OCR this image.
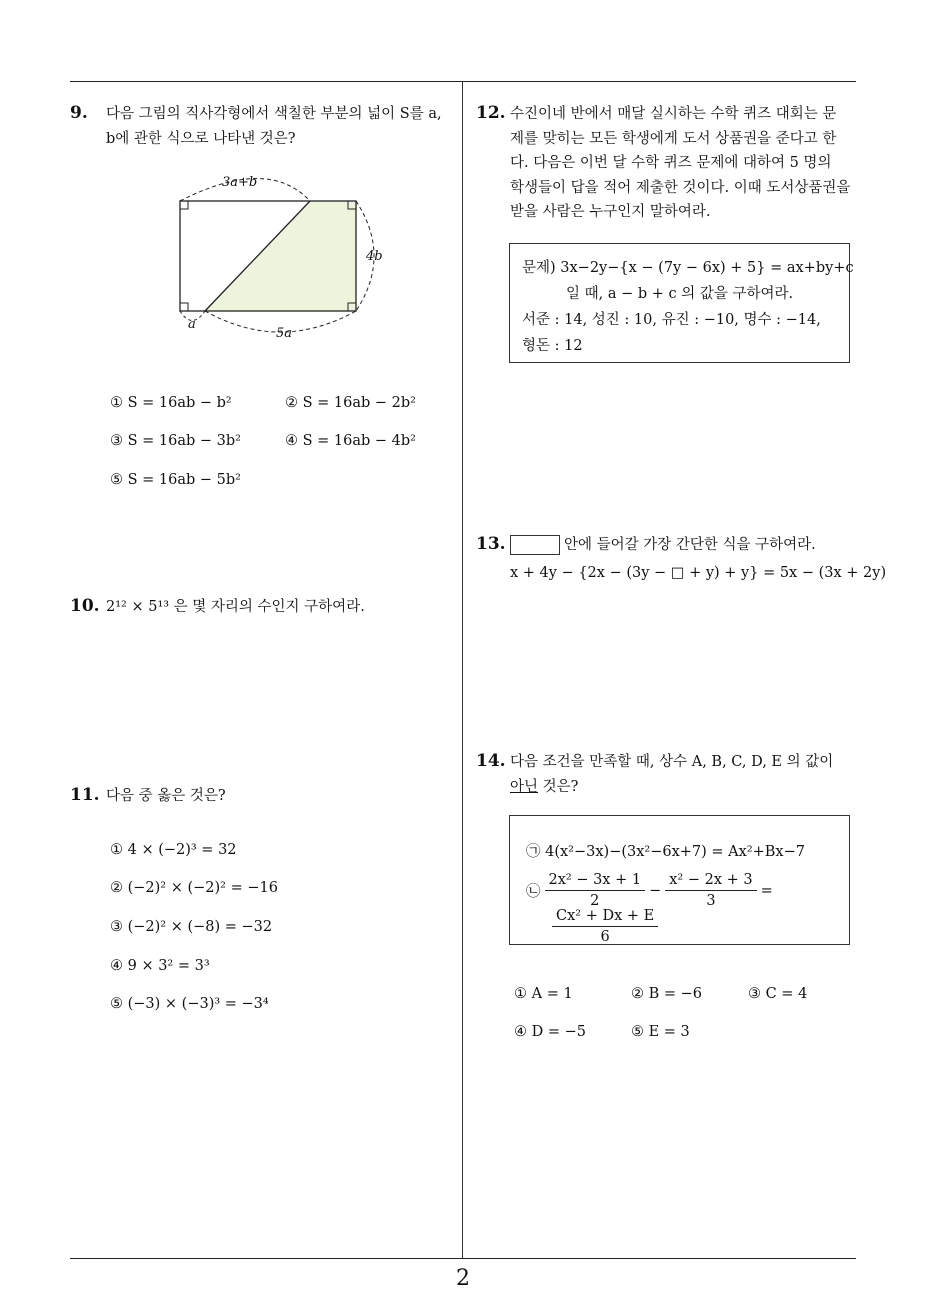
2
9. 다음 그림의 직사각형에서 색칠한 부분의 넓이 S를 a,
b에 관한 식으로 나타낸 것은?
3a+b
4b
a
5a
① S = 16ab − b²	② S = 16ab − 2b²
③ S = 16ab − 3b²	④ S = 16ab − 4b²
⑤ S = 16ab − 5b²
10. 2¹² × 5¹³ 은 몇 자리의 수인지 구하여라.
11. 다음 중 옳은 것은?
① 4 × (−2)³ = 32
② (−2)² × (−2)² = −16
③ (−2)² × (−8) = −32
④ 9 × 3² = 3³
⑤ (−3) × (−3)³ = −3⁴
12. 수진이네 반에서 매달 실시하는 수학 퀴즈 대회는 문
제를 맞히는 모든 학생에게 도서 상품권을 준다고 한
다. 다음은 이번 달 수학 퀴즈 문제에 대하여 5 명의
학생들이 답을 적어 제출한 것이다. 이때 도서상품권을
받을 사람은 누구인지 말하여라.
문제) 3x−2y−{x − (7y − 6x) + 5} = ax+by+c
일 때, a − b + c 의 값을 구하여라.
서준 : 14, 성진 : 10, 유진 : −10, 명수 : −14,
형돈 : 12
13.	안에 들어갈 가장 간단한 식을 구하여라.
x + 4y − {2x − (3y − □ + y) + y} = 5x − (3x + 2y)
14. 다음 조건을 만족할 때, 상수 A, B, C, D, E 의 값이
아닌 것은?
㉠ 4(x²−3x)−(3x²−6x+7) = Ax²+Bx−7
㉡ $\frac{\text{2x² − 3x + 1}}{2} - \frac{\text{x² − 2x + 3}}{3}$ =
$\frac{\text{Cx² + Dx + E}}{6}$
① A = 1	② B = −6	③ C = 4
④ D = −5	⑤ E = 3
